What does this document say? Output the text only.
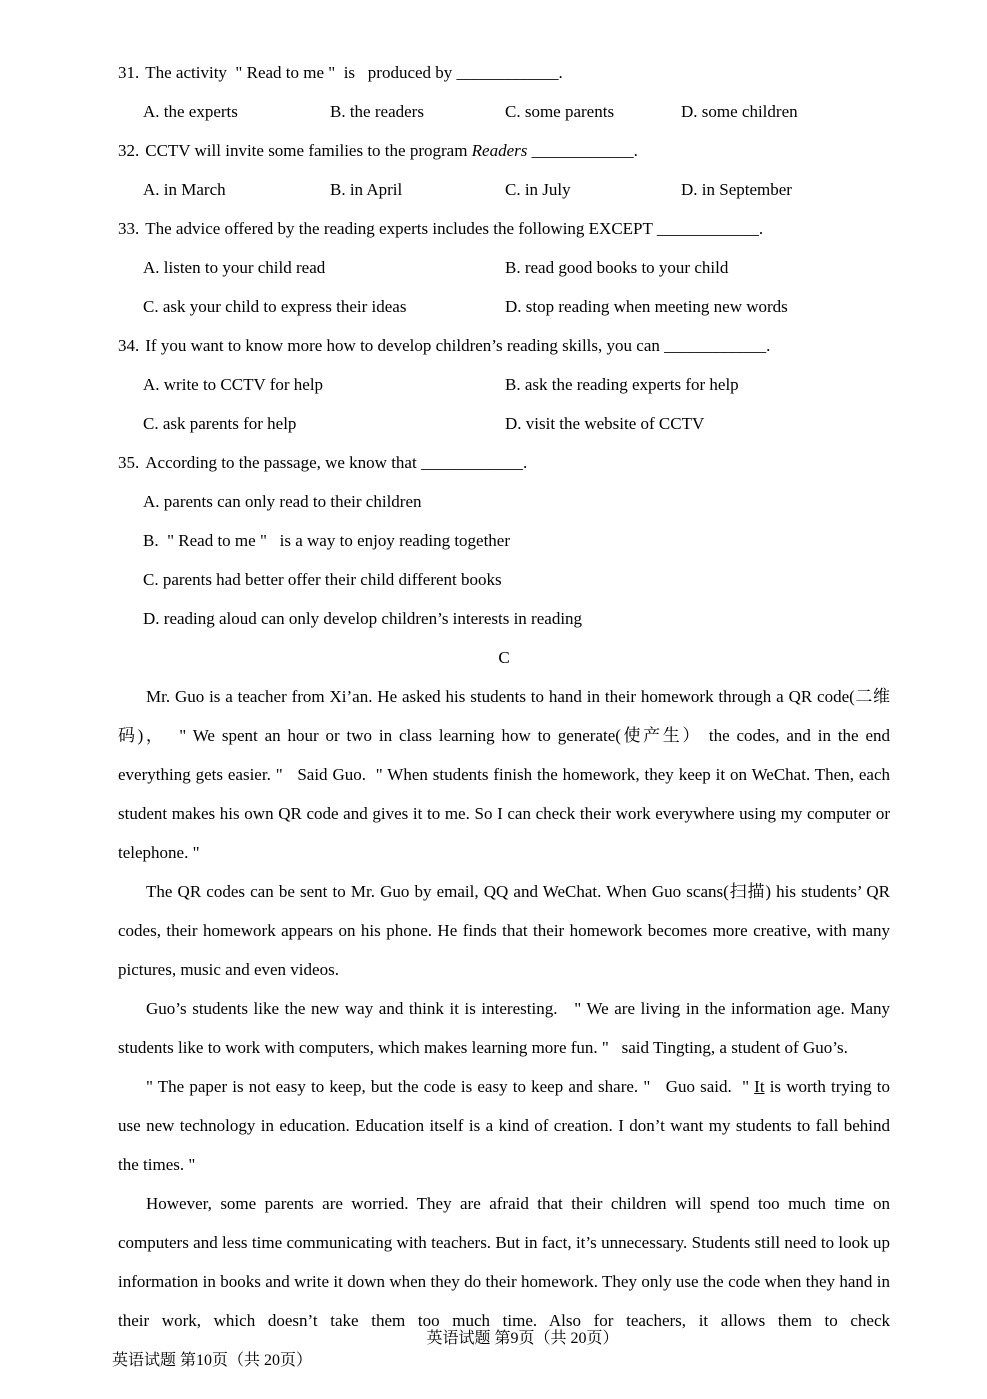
31. The activity  " Read to me "  is   produced by ____________.
A. the experts	B. the readers	C. some parents	D. some children
32. CCTV will invite some families to the program Readers ____________.
A. in March	B. in April	C. in July	D. in September
33. The advice offered by the reading experts includes the following EXCEPT ____________.
A. listen to your child read	B. read good books to your child
C. ask your child to express their ideas	D. stop reading when meeting new words
34. If you want to know more how to develop children’s reading skills, you can ____________.
A. write to CCTV for help	B. ask the reading experts for help
C. ask parents for help	D. visit the website of CCTV
35. According to the passage, we know that ____________.
A. parents can only read to their children
B.  " Read to me "   is a way to enjoy reading together
C. parents had better offer their child different books
D. reading aloud can only develop children’s interests in reading
C

Mr. Guo is a teacher from Xi’an. He asked his students to hand in their homework through a QR code(二维码)，  " We spent an hour or two in class learning how to generate(使产生） the codes, and in the end everything gets easier. "   Said Guo.  " When students finish the homework, they keep it on WeChat. Then, each student makes his own QR code and gives it to me. So I can check their work everywhere using my computer or telephone. "

The QR codes can be sent to Mr. Guo by email, QQ and WeChat. When Guo scans(扫描) his students’ QR codes, their homework appears on his phone. He finds that their homework becomes more creative, with many pictures, music and even videos.

Guo’s students like the new way and think it is interesting.   " We are living in the information age. Many students like to work with computers, which makes learning more fun. "   said Tingting, a student of Guo’s.

" The paper is not easy to keep, but the code is easy to keep and share. "   Guo said.  " It is worth trying to use new technology in education. Education itself is a kind of creation. I don’t want my students to fall behind the times. "

However, some parents are worried. They are afraid that their children will spend too much time on computers and less time communicating with teachers. But in fact, it’s unnecessary. Students still need to look up information in books and write it down when they do their homework. They only use the code when they hand in their work, which doesn’t take them too much time. Also for teachers, it allows them to check

英语试题 第9页（共 20页）
英语试题 第10页（共 20页）
